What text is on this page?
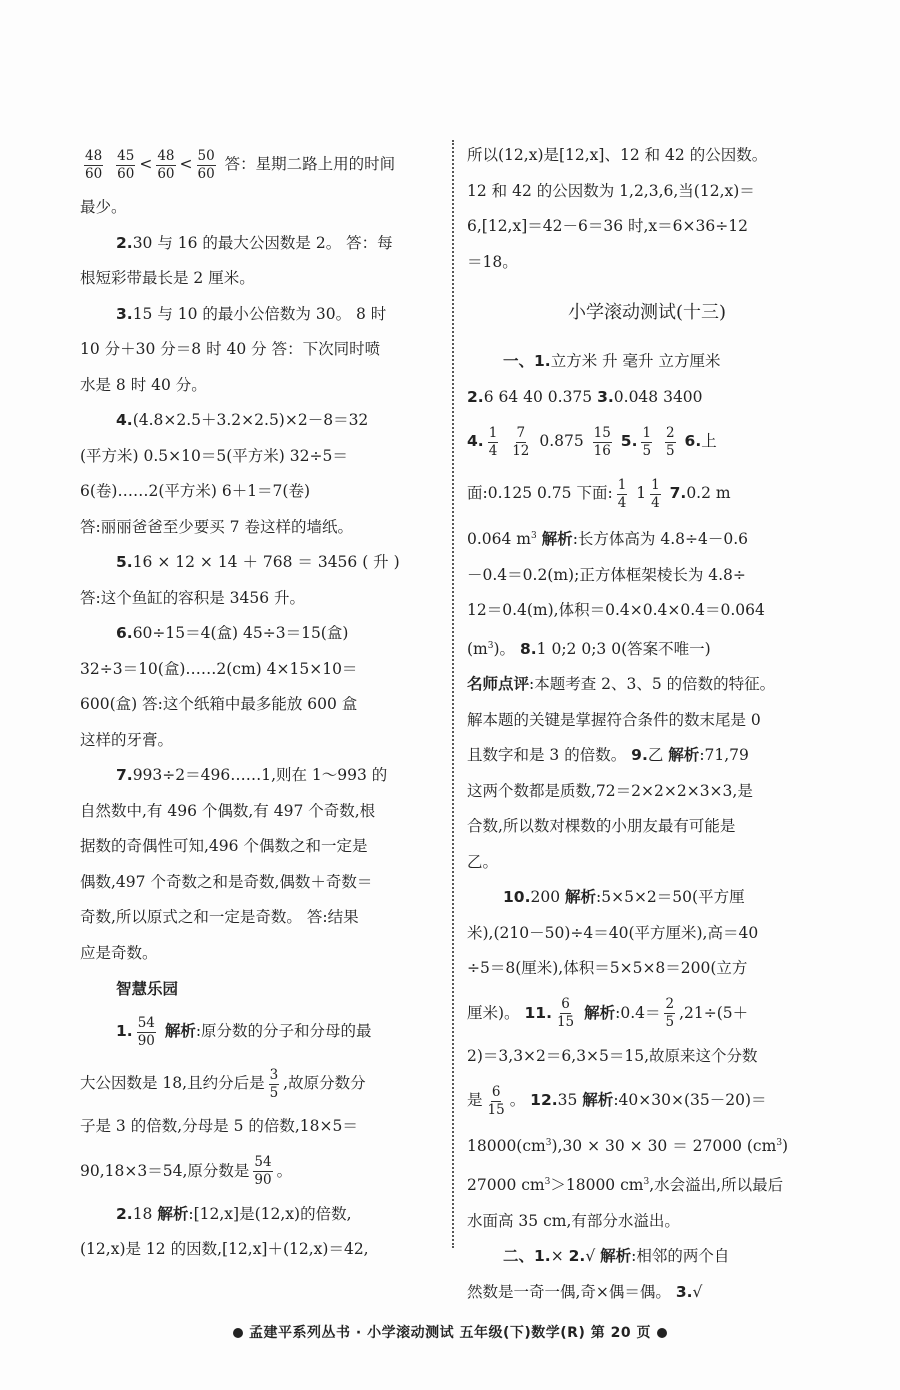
$\frac{48}{60}$
$\frac{45}{60} < \frac{48}{60} < \frac{50}{60}$ 答：星期二路上用的时间
最少。
2.30 与 16 的最大公因数是 2。 答：每
根短彩带最长是 2 厘米。
3.15 与 10 的最小公倍数为 30。 8 时
10 分＋30 分＝8 时 40 分 答：下次同时喷
水是 8 时 40 分。
4.(4.8×2.5＋3.2×2.5)×2－8＝32
(平方米) 0.5×10＝5(平方米) 32÷5＝
6(卷)……2(平方米) 6＋1＝7(卷)
答:丽丽爸爸至少要买 7 卷这样的墙纸。
5.16 × 12 × 14 ＋ 768 ＝ 3456 ( 升 )
答:这个鱼缸的容积是 3456 升。
6.60÷15＝4(盒) 45÷3＝15(盒)
32÷3＝10(盒)……2(cm) 4×15×10＝
600(盒) 答:这个纸箱中最多能放 600 盒
这样的牙膏。
7.993÷2＝496……1,则在 1～993 的
自然数中,有 496 个偶数,有 497 个奇数,根
据数的奇偶性可知,496 个偶数之和一定是
偶数,497 个奇数之和是奇数,偶数＋奇数＝
奇数,所以原式之和一定是奇数。 答:结果
应是奇数。
智慧乐园
1. $\frac{54}{90}$ 解析:原分数的分子和分母的最
大公因数是 18,且约分后是 $\frac{3}{5}$ ,故原分数分
子是 3 的倍数,分母是 5 的倍数,18×5＝
90,18×3＝54,原分数是 $\frac{54}{90}$ 。
2.18 解析:[12,x]是(12,x)的倍数,
(12,x)是 12 的因数,[12,x]＋(12,x)＝42,
所以(12,x)是[12,x]、12 和 42 的公因数。
12 和 42 的公因数为 1,2,3,6,当(12,x)＝
6,[12,x]＝42－6＝36 时,x＝6×36÷12
＝18。
小学滚动测试(十三)
一、1.立方米 升 毫升 立方厘米
2.6 64 40 0.375 3.0.048 3400
4. $\frac{1}{4}$
$\frac{7}{12} 0.875 \frac{15}{16} 5$. $\frac{1}{5}$
$\frac{2}{5} 6$.上
面:0.125 0.75 下面: $\frac{1}{4} 1 \frac{1}{4} 7.0.2$ m
0.064 $m^3$ 解析:长方体高为 4.8÷4－0.6
－0.4＝0.2(m);正方体框架棱长为 4.8÷
12＝0.4(m),体积＝0.4×0.4×0.4＝0.064
$(m^3)$。 8.1 0;2 0;3 0(答案不唯一)
名师点评:本题考查 2、3、5 的倍数的特征。
解本题的关键是掌握符合条件的数末尾是 0
且数字和是 3 的倍数。 9.乙 解析:71,79
这两个数都是质数,72＝2×2×2×3×3,是
合数,所以数对棵数的小朋友最有可能是
乙。
10.200 解析:5×5×2＝50(平方厘
米),(210－50)÷4＝40(平方厘米),高＝40
÷5＝8(厘米),体积＝5×5×8＝200(立方
厘米)。 11. $\frac{6}{15}$ 解析:0.4＝ $\frac{2}{5} ,21\div(5+$
2)＝3,3×2＝6,3×5＝15,故原来这个分数
是 $\frac{6}{15}$ 。 12.35 解析:40×30×(35－20)＝
$18000(cm^3),30 \times 30 \times 30 = 27000$ $(cm^3)$
27000 $cm^3>18000$ $cm^3$,水会溢出,所以最后
水面高 35 cm,有部分水溢出。
二、1.× 2.√ 解析:相邻的两个自
然数是一奇一偶,奇×偶＝偶。 3.√
孟建平系列丛书 · 小学滚动测试 五年级(下)数学(R) 第 20 页
